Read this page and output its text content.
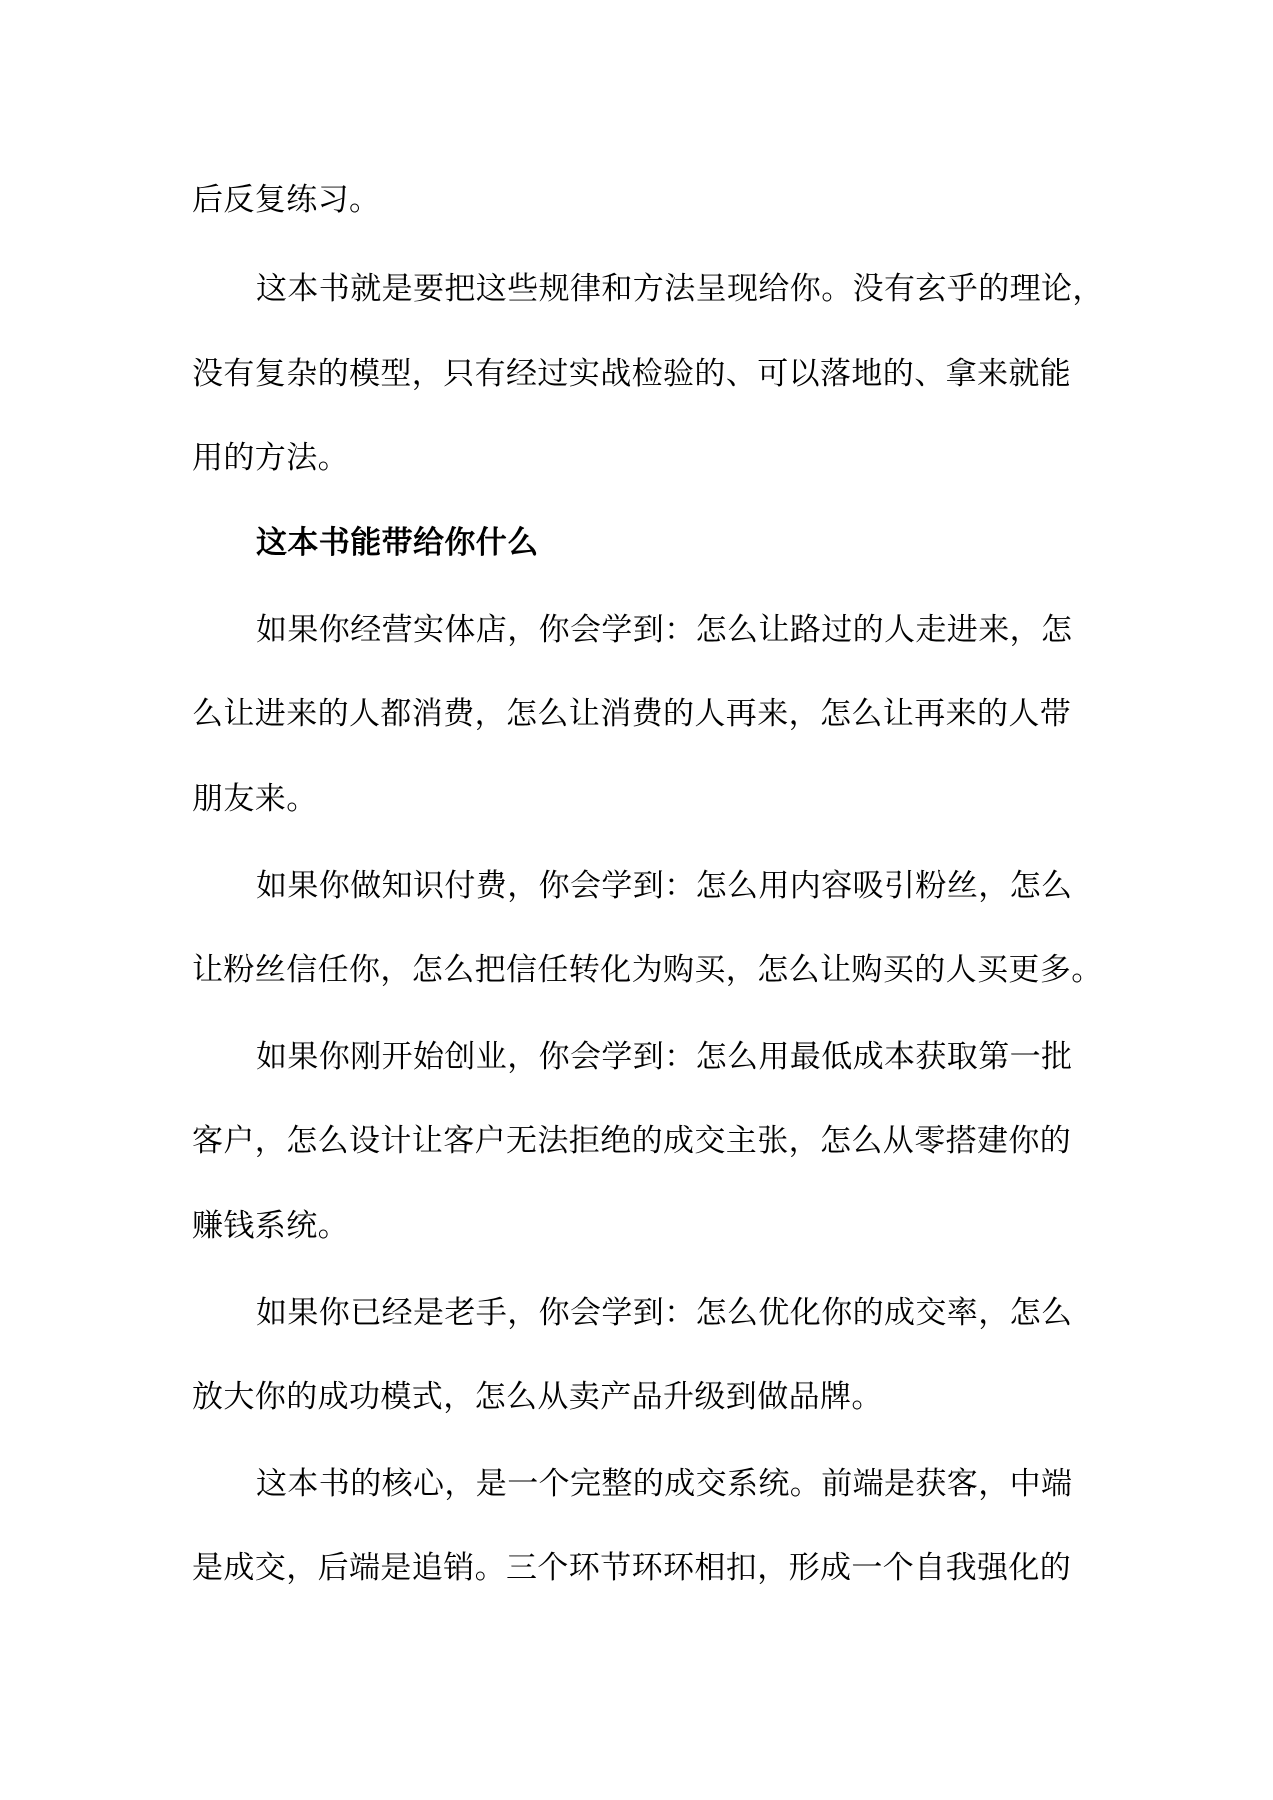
后反复练习。
这本书就是要把这些规律和方法呈现给你。没有玄乎的理论，
没有复杂的模型，只有经过实战检验的、可以落地的、拿来就能
用的方法。
这本书能带给你什么
如果你经营实体店，你会学到：怎么让路过的人走进来，怎
么让进来的人都消费，怎么让消费的人再来，怎么让再来的人带
朋友来。
如果你做知识付费，你会学到：怎么用内容吸引粉丝，怎么
让粉丝信任你，怎么把信任转化为购买，怎么让购买的人买更多。
如果你刚开始创业，你会学到：怎么用最低成本获取第一批
客户，怎么设计让客户无法拒绝的成交主张，怎么从零搭建你的
赚钱系统。
如果你已经是老手，你会学到：怎么优化你的成交率，怎么
放大你的成功模式，怎么从卖产品升级到做品牌。
这本书的核心，是一个完整的成交系统。前端是获客，中端
是成交，后端是追销。三个环节环环相扣，形成一个自我强化的
